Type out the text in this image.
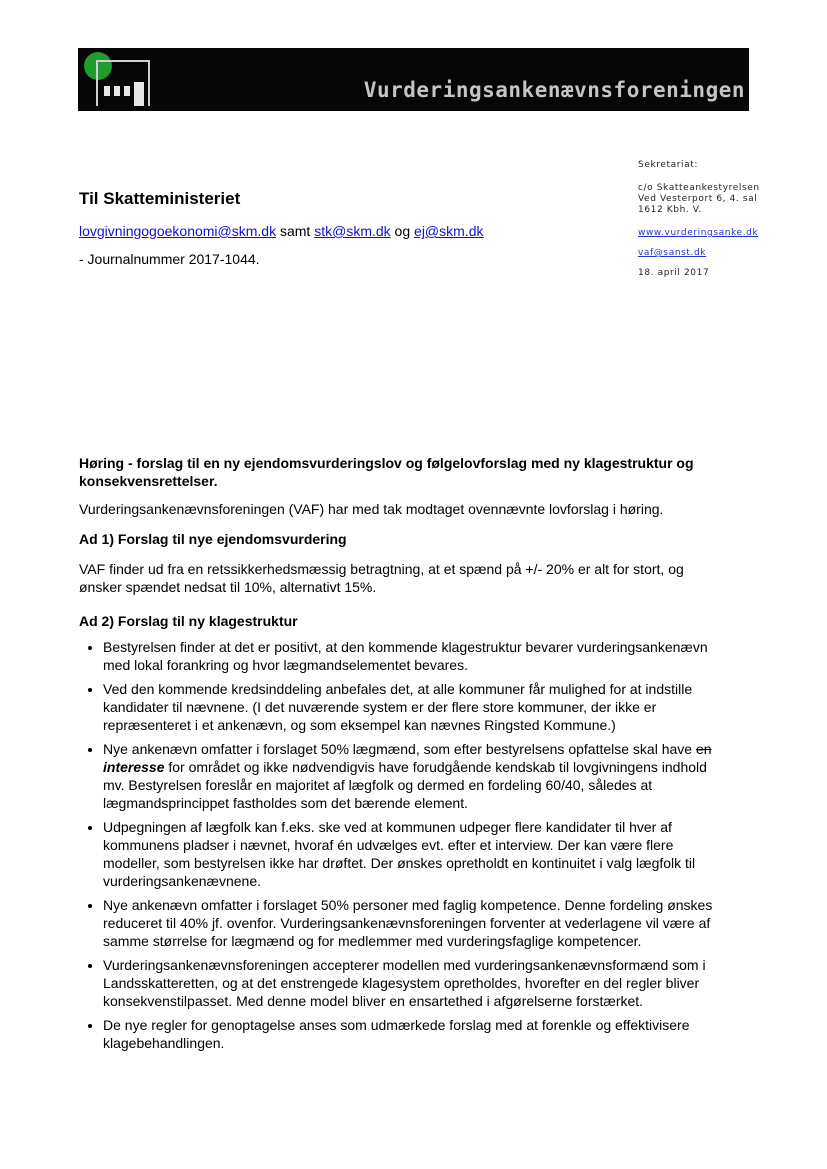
Vurderingsankenævnsforeningen
Sekretariat:
c/o Skatteankestyrelsen
Ved Vesterport 6, 4. sal
1612 Kbh. V.
www.vurderingsanke.dk
vaf@sanst.dk
18. april 2017
Til Skatteministeriet

lovgivningogoekonomi@skm.dk samt stk@skm.dk og ej@skm.dk

- Journalnummer 2017-1044.

Høring - forslag til en ny ejendomsvurderingslov og følgelovforslag med ny klagestruktur og konsekvensrettelser.

Vurderingsankenævnsforeningen (VAF) har med tak modtaget ovennævnte lovforslag i høring.

Ad 1) Forslag til nye ejendomsvurdering

VAF finder ud fra en retssikkerhedsmæssig betragtning, at et spænd på +/- 20% er alt for stort, og ønsker spændet nedsat til 10%, alternativt 15%.

Ad 2) Forslag til ny klagestruktur

• Bestyrelsen finder at det er positivt, at den kommende klagestruktur bevarer vurderingsankenævn med lokal forankring og hvor lægmandselementet bevares.
• Ved den kommende kredsinddeling anbefales det, at alle kommuner får mulighed for at indstille kandidater til nævnene. (I det nuværende system er der flere store kommuner, der ikke er repræsenteret i et ankenævn, og som eksempel kan nævnes Ringsted Kommune.)
• Nye ankenævn omfatter i forslaget 50% lægmænd, som efter bestyrelsens opfattelse skal have en interesse for området og ikke nødvendigvis have forudgående kendskab til lovgivningens indhold mv. Bestyrelsen foreslår en majoritet af lægfolk og dermed en fordeling 60/40, således at lægmandsprincippet fastholdes som det bærende element.
• Udpegningen af lægfolk kan f.eks. ske ved at kommunen udpeger flere kandidater til hver af kommunens pladser i nævnet, hvoraf én udvælges evt. efter et interview. Der kan være flere modeller, som bestyrelsen ikke har drøftet. Der ønskes opretholdt en kontinuitet i valg lægfolk til vurderingsankenævnene.
• Nye ankenævn omfatter i forslaget 50% personer med faglig kompetence. Denne fordeling ønskes reduceret til 40% jf. ovenfor. Vurderingsankenævnsforeningen forventer at vederlagene vil være af samme størrelse for lægmænd og for medlemmer med vurderingsfaglige kompetencer.
• Vurderingsankenævnsforeningen accepterer modellen med vurderingsankenævnsformænd som i Landsskatteretten, og at det enstrengede klagesystem opretholdes, hvorefter en del regler bliver konsekvenstilpasset. Med denne model bliver en ensartethed i afgørelserne forstærket.
• De nye regler for genoptagelse anses som udmærkede forslag med at forenkle og effektivisere klagebehandlingen.
